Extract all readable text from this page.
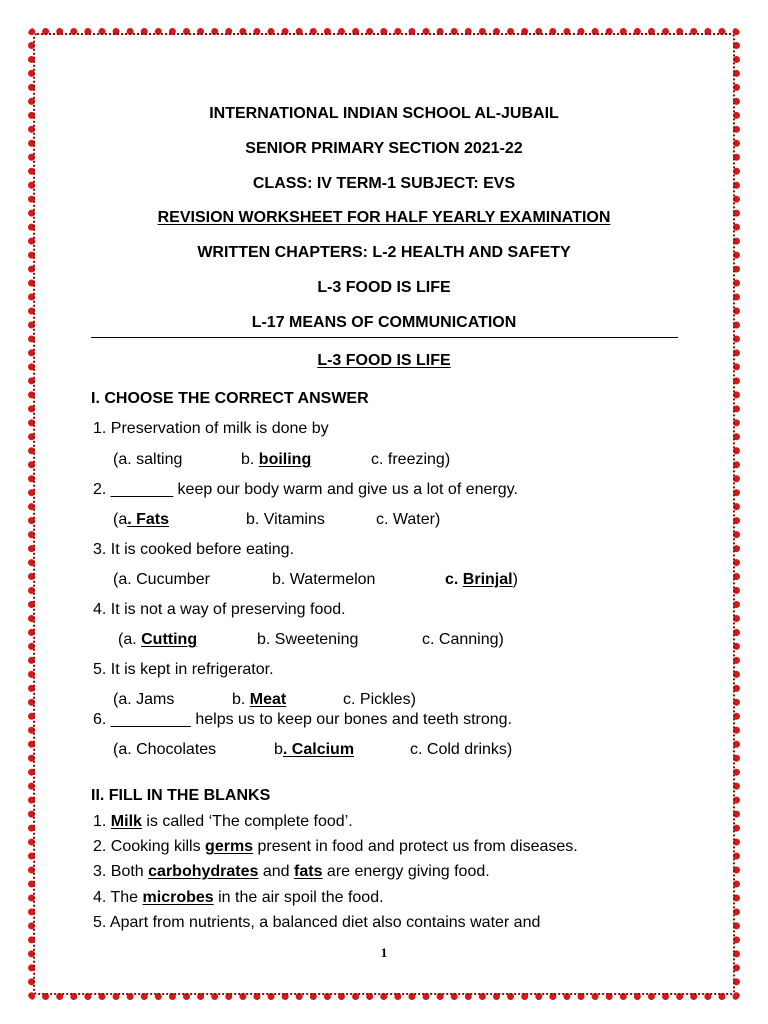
INTERNATIONAL INDIAN SCHOOL AL-JUBAIL
SENIOR PRIMARY SECTION 2021-22
CLASS: IV TERM-1 SUBJECT: EVS
REVISION WORKSHEET FOR HALF YEARLY EXAMINATION
WRITTEN CHAPTERS: L-2 HEALTH AND SAFETY
L-3 FOOD IS LIFE
L-17 MEANS OF COMMUNICATION
L-3 FOOD IS LIFE
I. CHOOSE THE CORRECT ANSWER
1. Preservation of milk is done by
(a. salting	b. boiling	c. freezing)
2. _______ keep our body warm and give us a lot of energy.
(a. Fats	b. Vitamins	c. Water)
3. It is cooked before eating.
(a. Cucumber	b. Watermelon	c. Brinjal)
4. It is not a way of preserving food.
(a. Cutting	b. Sweetening	c. Canning)
5. It is kept in refrigerator.
(a. Jams	b. Meat	c. Pickles)
6. _________ helps us to keep our bones and teeth strong.
(a. Chocolates	b. Calcium	c. Cold drinks)
II. FILL IN THE BLANKS
1. Milk is called ‘The complete food’.
2. Cooking kills germs present in food and protect us from diseases.
3. Both carbohydrates and fats are energy giving food.
4. The microbes in the air spoil the food.
5. Apart from nutrients, a balanced diet also contains water and
1
